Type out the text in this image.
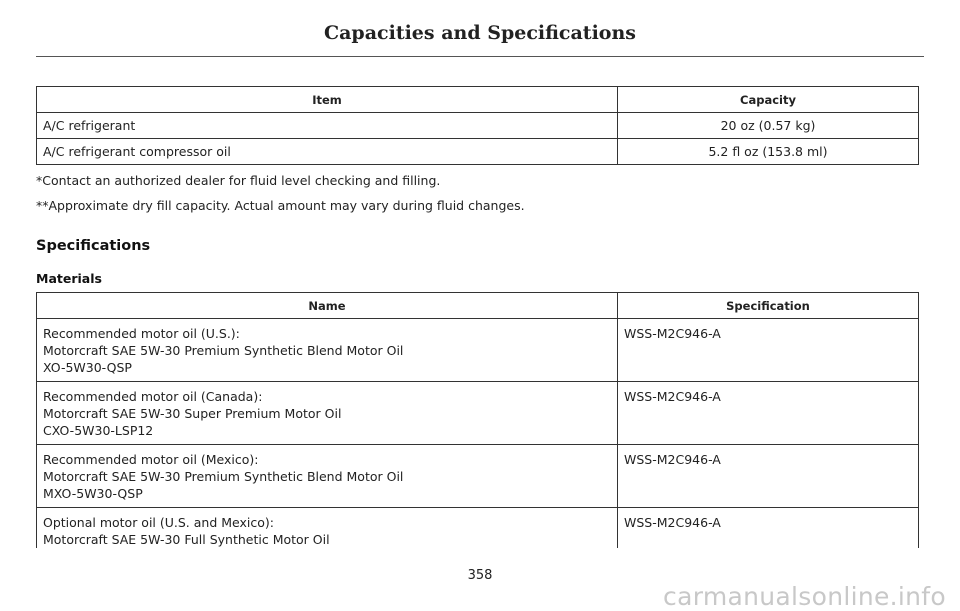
Capacities and Specifications
Item	Capacity
A/C refrigerant	20 oz (0.57 kg)
A/C refrigerant compressor oil	5.2 fl oz (153.8 ml)
*Contact an authorized dealer for fluid level checking and filling.
**Approximate dry fill capacity. Actual amount may vary during fluid changes.
Specifications
Materials
Name	Specification

Recommended motor oil (U.S.):
Motorcraft SAE 5W-30 Premium Synthetic Blend Motor Oil
XO-5W30-QSP	WSS-M2C946-A

Recommended motor oil (Canada):
Motorcraft SAE 5W-30 Super Premium Motor Oil
CXO-5W30-LSP12	WSS-M2C946-A

Recommended motor oil (Mexico):
Motorcraft SAE 5W-30 Premium Synthetic Blend Motor Oil
MXO-5W30-QSP	WSS-M2C946-A

Optional motor oil (U.S. and Mexico):
Motorcraft SAE 5W-30 Full Synthetic Motor Oil	WSS-M2C946-A
358
carmanualsonline.info
